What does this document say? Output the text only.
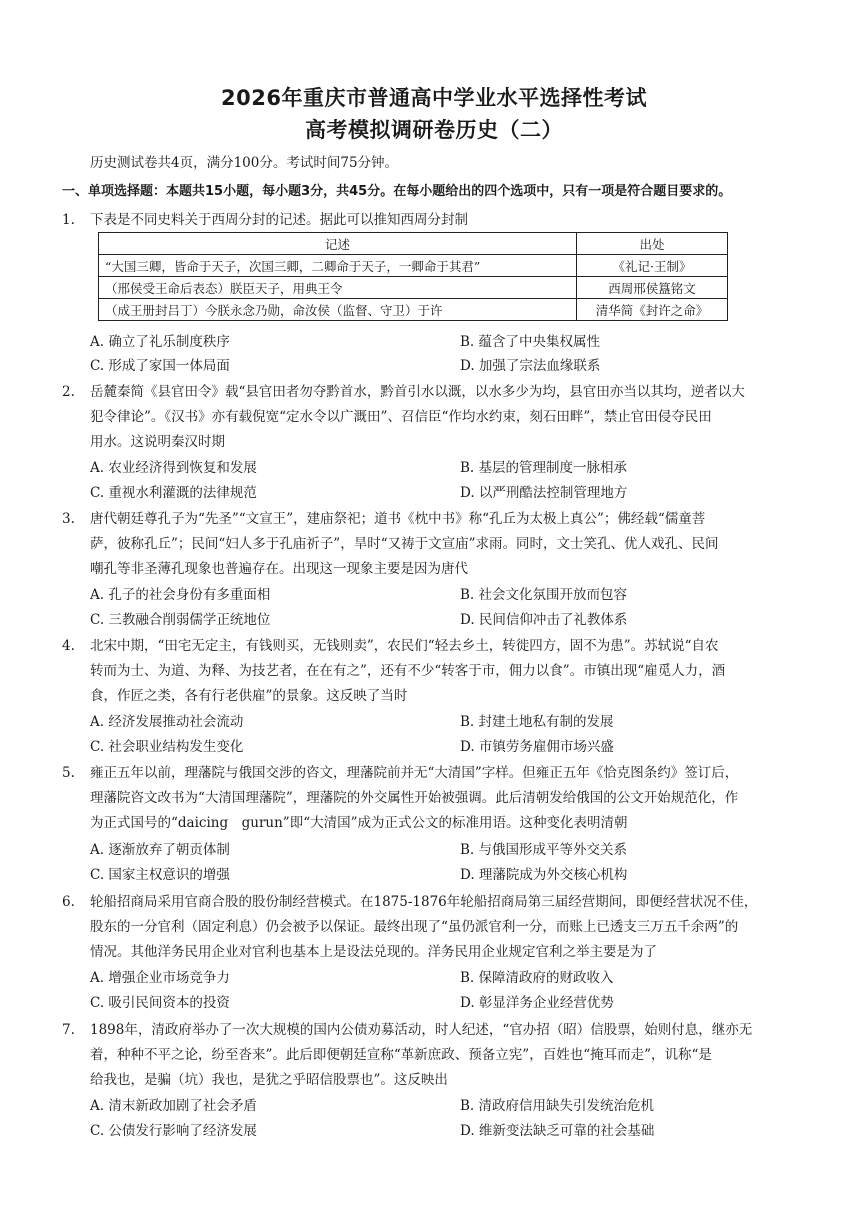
2026年重庆市普通高中学业水平选择性考试
高考模拟调研卷历史（二）
历史测试卷共4页，满分100分。考试时间75分钟。
一、单项选择题：本题共15小题，每小题3分，共45分。在每小题给出的四个选项中，只有一项是符合题目要求的。
1. 下表是不同史料关于西周分封的记述。据此可以推知西周分封制
记述	出处
“大国三卿，皆命于天子，次国三卿，二卿命于天子，一卿命于其君”	《礼记·王制》
（邢侯受王命后表态）朕臣天子，用典王令	西周邢侯簋铭文
（成王册封吕丁）今朕永念乃勋，命汝侯（监督、守卫）于许	清华简《封许之命》
A. 确立了礼乐制度秩序	B. 蕴含了中央集权属性
C. 形成了家国一体局面	D. 加强了宗法血缘联系
2. 岳麓秦简《县官田令》载“县官田者勿夺黔首水，黔首引水以溉，以水多少为均，县官田亦当以其均，逆者以大
犯令律论”。《汉书》亦有载倪宽“定水令以广溉田”、召信臣“作均水约束，刻石田畔”，禁止官田侵夺民田
用水。这说明秦汉时期
A. 农业经济得到恢复和发展	B. 基层的管理制度一脉相承
C. 重视水利灌溉的法律规范	D. 以严刑酷法控制管理地方
3. 唐代朝廷尊孔子为“先圣”“文宣王”，建庙祭祀；道书《枕中书》称“孔丘为太极上真公”；佛经载“儒童菩
萨，彼称孔丘”；民间“妇人多于孔庙祈子”，旱时“又祷于文宣庙”求雨。同时，文士笑孔、优人戏孔、民间
嘲孔等非圣薄孔现象也普遍存在。出现这一现象主要是因为唐代
A. 孔子的社会身份有多重面相	B. 社会文化氛围开放而包容
C. 三教融合削弱儒学正统地位	D. 民间信仰冲击了礼教体系
4. 北宋中期，“田宅无定主，有钱则买，无钱则卖”，农民们“轻去乡土，转徙四方，固不为患”。苏轼说“自农
转而为士、为道、为释、为技艺者，在在有之”，还有不少“转客于市，佣力以食”。市镇出现“雇觅人力，酒
食，作匠之类，各有行老供雇”的景象。这反映了当时
A. 经济发展推动社会流动	B. 封建土地私有制的发展
C. 社会职业结构发生变化	D. 市镇劳务雇佣市场兴盛
5. 雍正五年以前，理藩院与俄国交涉的咨文，理藩院前并无“大清国”字样。但雍正五年《恰克图条约》签订后，
理藩院咨文改书为“大清国理藩院”，理藩院的外交属性开始被强调。此后清朝发给俄国的公文开始规范化，作
为正式国号的“daicing　gurun”即“大清国”成为正式公文的标准用语。这种变化表明清朝
A. 逐渐放弃了朝贡体制	B. 与俄国形成平等外交关系
C. 国家主权意识的增强	D. 理藩院成为外交核心机构
6. 轮船招商局采用官商合股的股份制经营模式。在1875-1876年轮船招商局第三届经营期间，即便经营状况不佳，
股东的一分官利（固定利息）仍会被予以保证。最终出现了“虽仍派官利一分，而账上已透支三万五千余两”的
情况。其他洋务民用企业对官利也基本上是设法兑现的。洋务民用企业规定官利之举主要是为了
A. 增强企业市场竞争力	B. 保障清政府的财政收入
C. 吸引民间资本的投资	D. 彰显洋务企业经营优势
7. 1898年，清政府举办了一次大规模的国内公债劝募活动，时人纪述，“官办招（昭）信股票，始则付息，继亦无
着，种种不平之论，纷至沓来”。此后即便朝廷宣称“革新庶政、预备立宪”，百姓也“掩耳而走”，讥称“是
给我也，是骗（坑）我也，是犹之乎昭信股票也”。这反映出
A. 清末新政加剧了社会矛盾	B. 清政府信用缺失引发统治危机
C. 公债发行影响了经济发展	D. 维新变法缺乏可靠的社会基础
